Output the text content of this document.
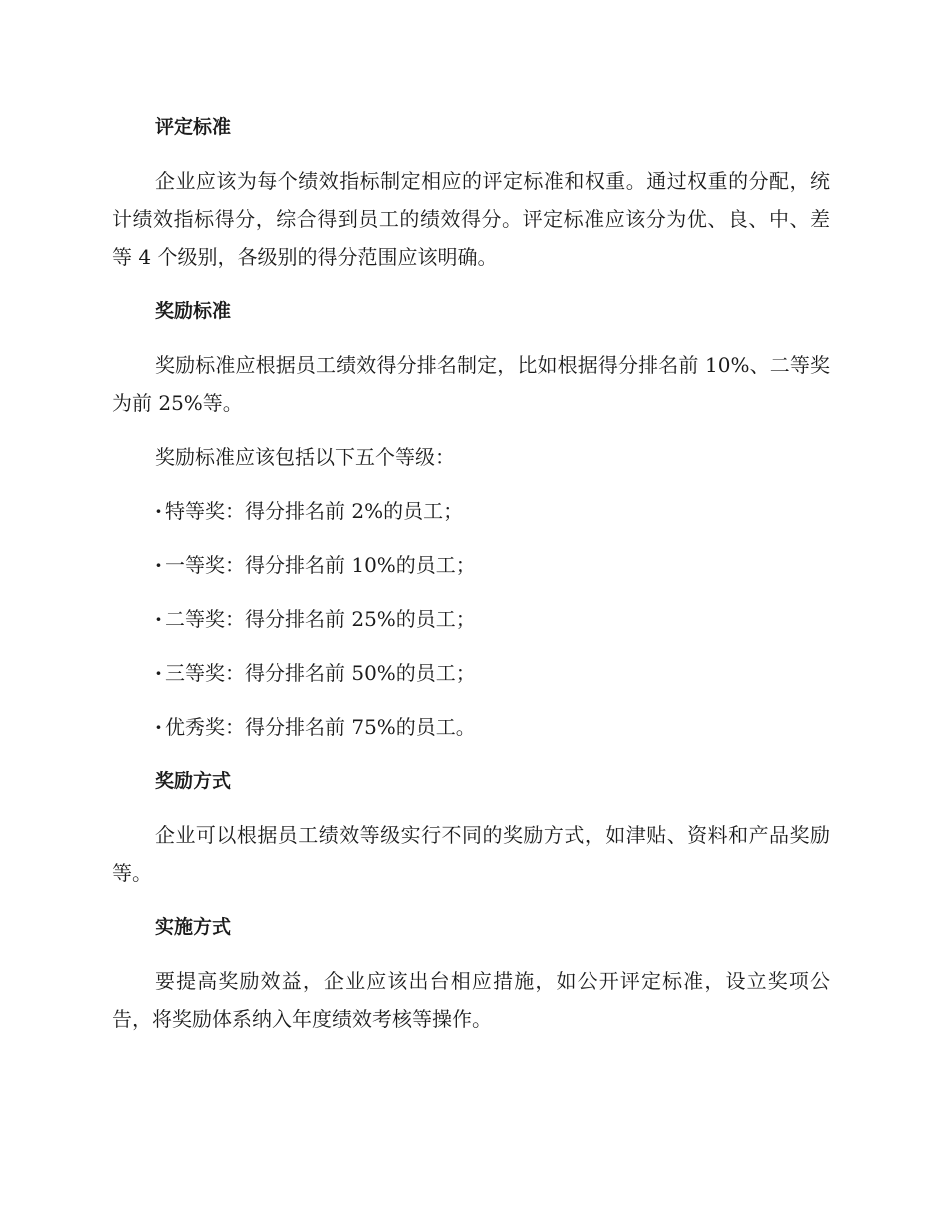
评定标准

企业应该为每个绩效指标制定相应的评定标准和权重。通过权重的分配，统计绩效指标得分，综合得到员工的绩效得分。评定标准应该分为优、良、中、差等 4 个级别，各级别的得分范围应该明确。

奖励标准

奖励标准应根据员工绩效得分排名制定，比如根据得分排名前 10%、二等奖为前 25%等。

奖励标准应该包括以下五个等级：

· 特等奖：得分排名前 2%的员工；
· 一等奖：得分排名前 10%的员工；
· 二等奖：得分排名前 25%的员工；
· 三等奖：得分排名前 50%的员工；
· 优秀奖：得分排名前 75%的员工。
奖励方式

企业可以根据员工绩效等级实行不同的奖励方式，如津贴、资料和产品奖励等。

实施方式

要提高奖励效益，企业应该出台相应措施，如公开评定标准，设立奖项公告，将奖励体系纳入年度绩效考核等操作。
